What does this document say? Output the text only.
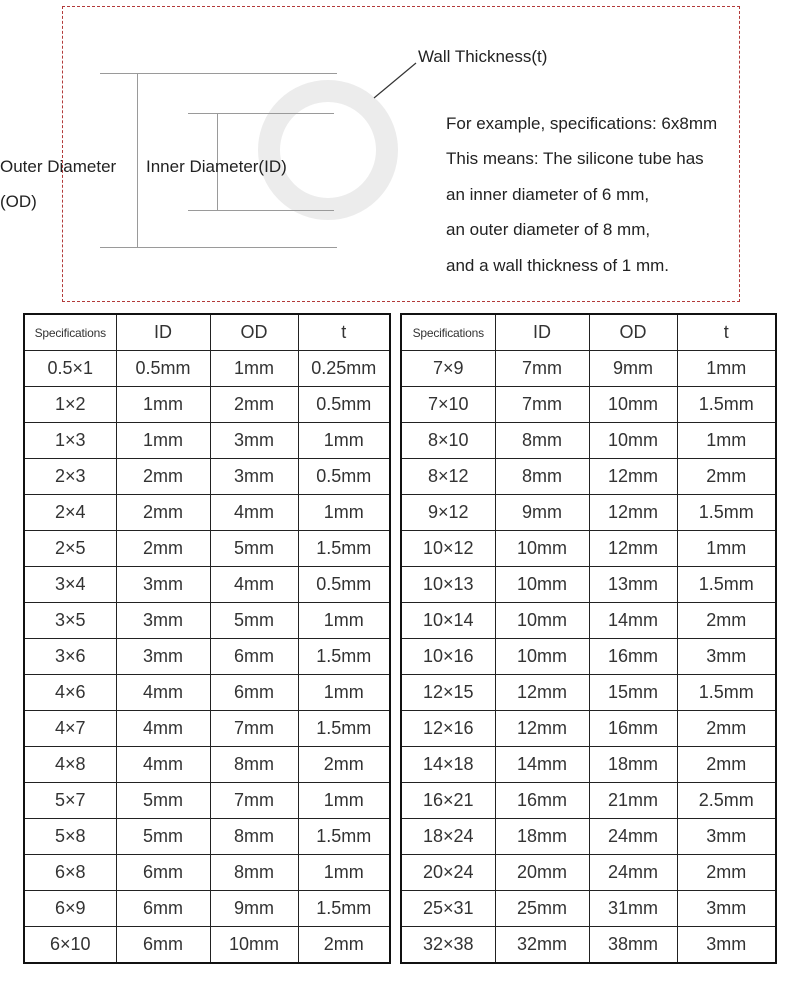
Wall Thickness(t)
Outer Diameter
(OD)
Inner Diameter(ID)

For example, specifications: 6x8mm

This means: The silicone tube has

an inner diameter of 6 mm,

an outer diameter of 8 mm,

and a wall thickness of 1 mm.

Specifications	ID	OD	t
0.5×1	0.5mm	1mm	0.25mm
1×2	1mm	2mm	0.5mm
1×3	1mm	3mm	1mm
2×3	2mm	3mm	0.5mm
2×4	2mm	4mm	1mm
2×5	2mm	5mm	1.5mm
3×4	3mm	4mm	0.5mm
3×5	3mm	5mm	1mm
3×6	3mm	6mm	1.5mm
4×6	4mm	6mm	1mm
4×7	4mm	7mm	1.5mm
4×8	4mm	8mm	2mm
5×7	5mm	7mm	1mm
5×8	5mm	8mm	1.5mm
6×8	6mm	8mm	1mm
6×9	6mm	9mm	1.5mm
6×10	6mm	10mm	2mm
Specifications	ID	OD	t
7×9	7mm	9mm	1mm
7×10	7mm	10mm	1.5mm
8×10	8mm	10mm	1mm
8×12	8mm	12mm	2mm
9×12	9mm	12mm	1.5mm
10×12	10mm	12mm	1mm
10×13	10mm	13mm	1.5mm
10×14	10mm	14mm	2mm
10×16	10mm	16mm	3mm
12×15	12mm	15mm	1.5mm
12×16	12mm	16mm	2mm
14×18	14mm	18mm	2mm
16×21	16mm	21mm	2.5mm
18×24	18mm	24mm	3mm
20×24	20mm	24mm	2mm
25×31	25mm	31mm	3mm
32×38	32mm	38mm	3mm
